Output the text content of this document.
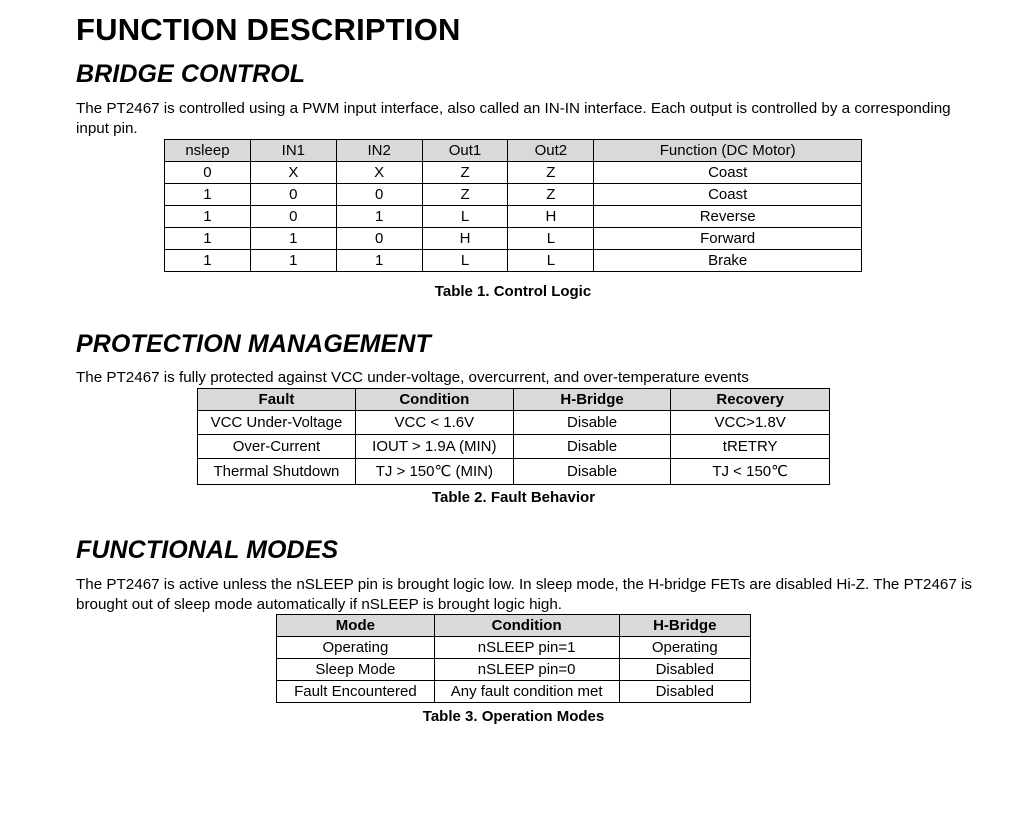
FUNCTION DESCRIPTION
BRIDGE CONTROL

The PT2467 is controlled using a PWM input interface, also called an IN-IN interface. Each output is controlled by a corresponding input pin.

nsleep	IN1	IN2	Out1	Out2	Function (DC Motor)
0	X	X	Z	Z	Coast
1	0	0	Z	Z	Coast
1	0	1	L	H	Reverse
1	1	0	H	L	Forward
1	1	1	L	L	Brake

Table 1. Control Logic

PROTECTION MANAGEMENT

The PT2467 is fully protected against VCC under-voltage, overcurrent, and over-temperature events

Fault	Condition	H-Bridge	Recovery
VCC Under-Voltage	VCC < 1.6V	Disable	VCC>1.8V
Over-Current	IOUT > 1.9A (MIN)	Disable	tRETRY
Thermal Shutdown	TJ > 150℃ (MIN)	Disable	TJ < 150℃

Table 2. Fault Behavior

FUNCTIONAL MODES

The PT2467 is active unless the nSLEEP pin is brought logic low. In sleep mode, the H-bridge FETs are disabled Hi-Z. The PT2467 is brought out of sleep mode automatically if nSLEEP is brought logic high.

Mode	Condition	H-Bridge
Operating	nSLEEP pin=1	Operating
Sleep Mode	nSLEEP pin=0	Disabled
Fault Encountered	Any fault condition met	Disabled

Table 3. Operation Modes
